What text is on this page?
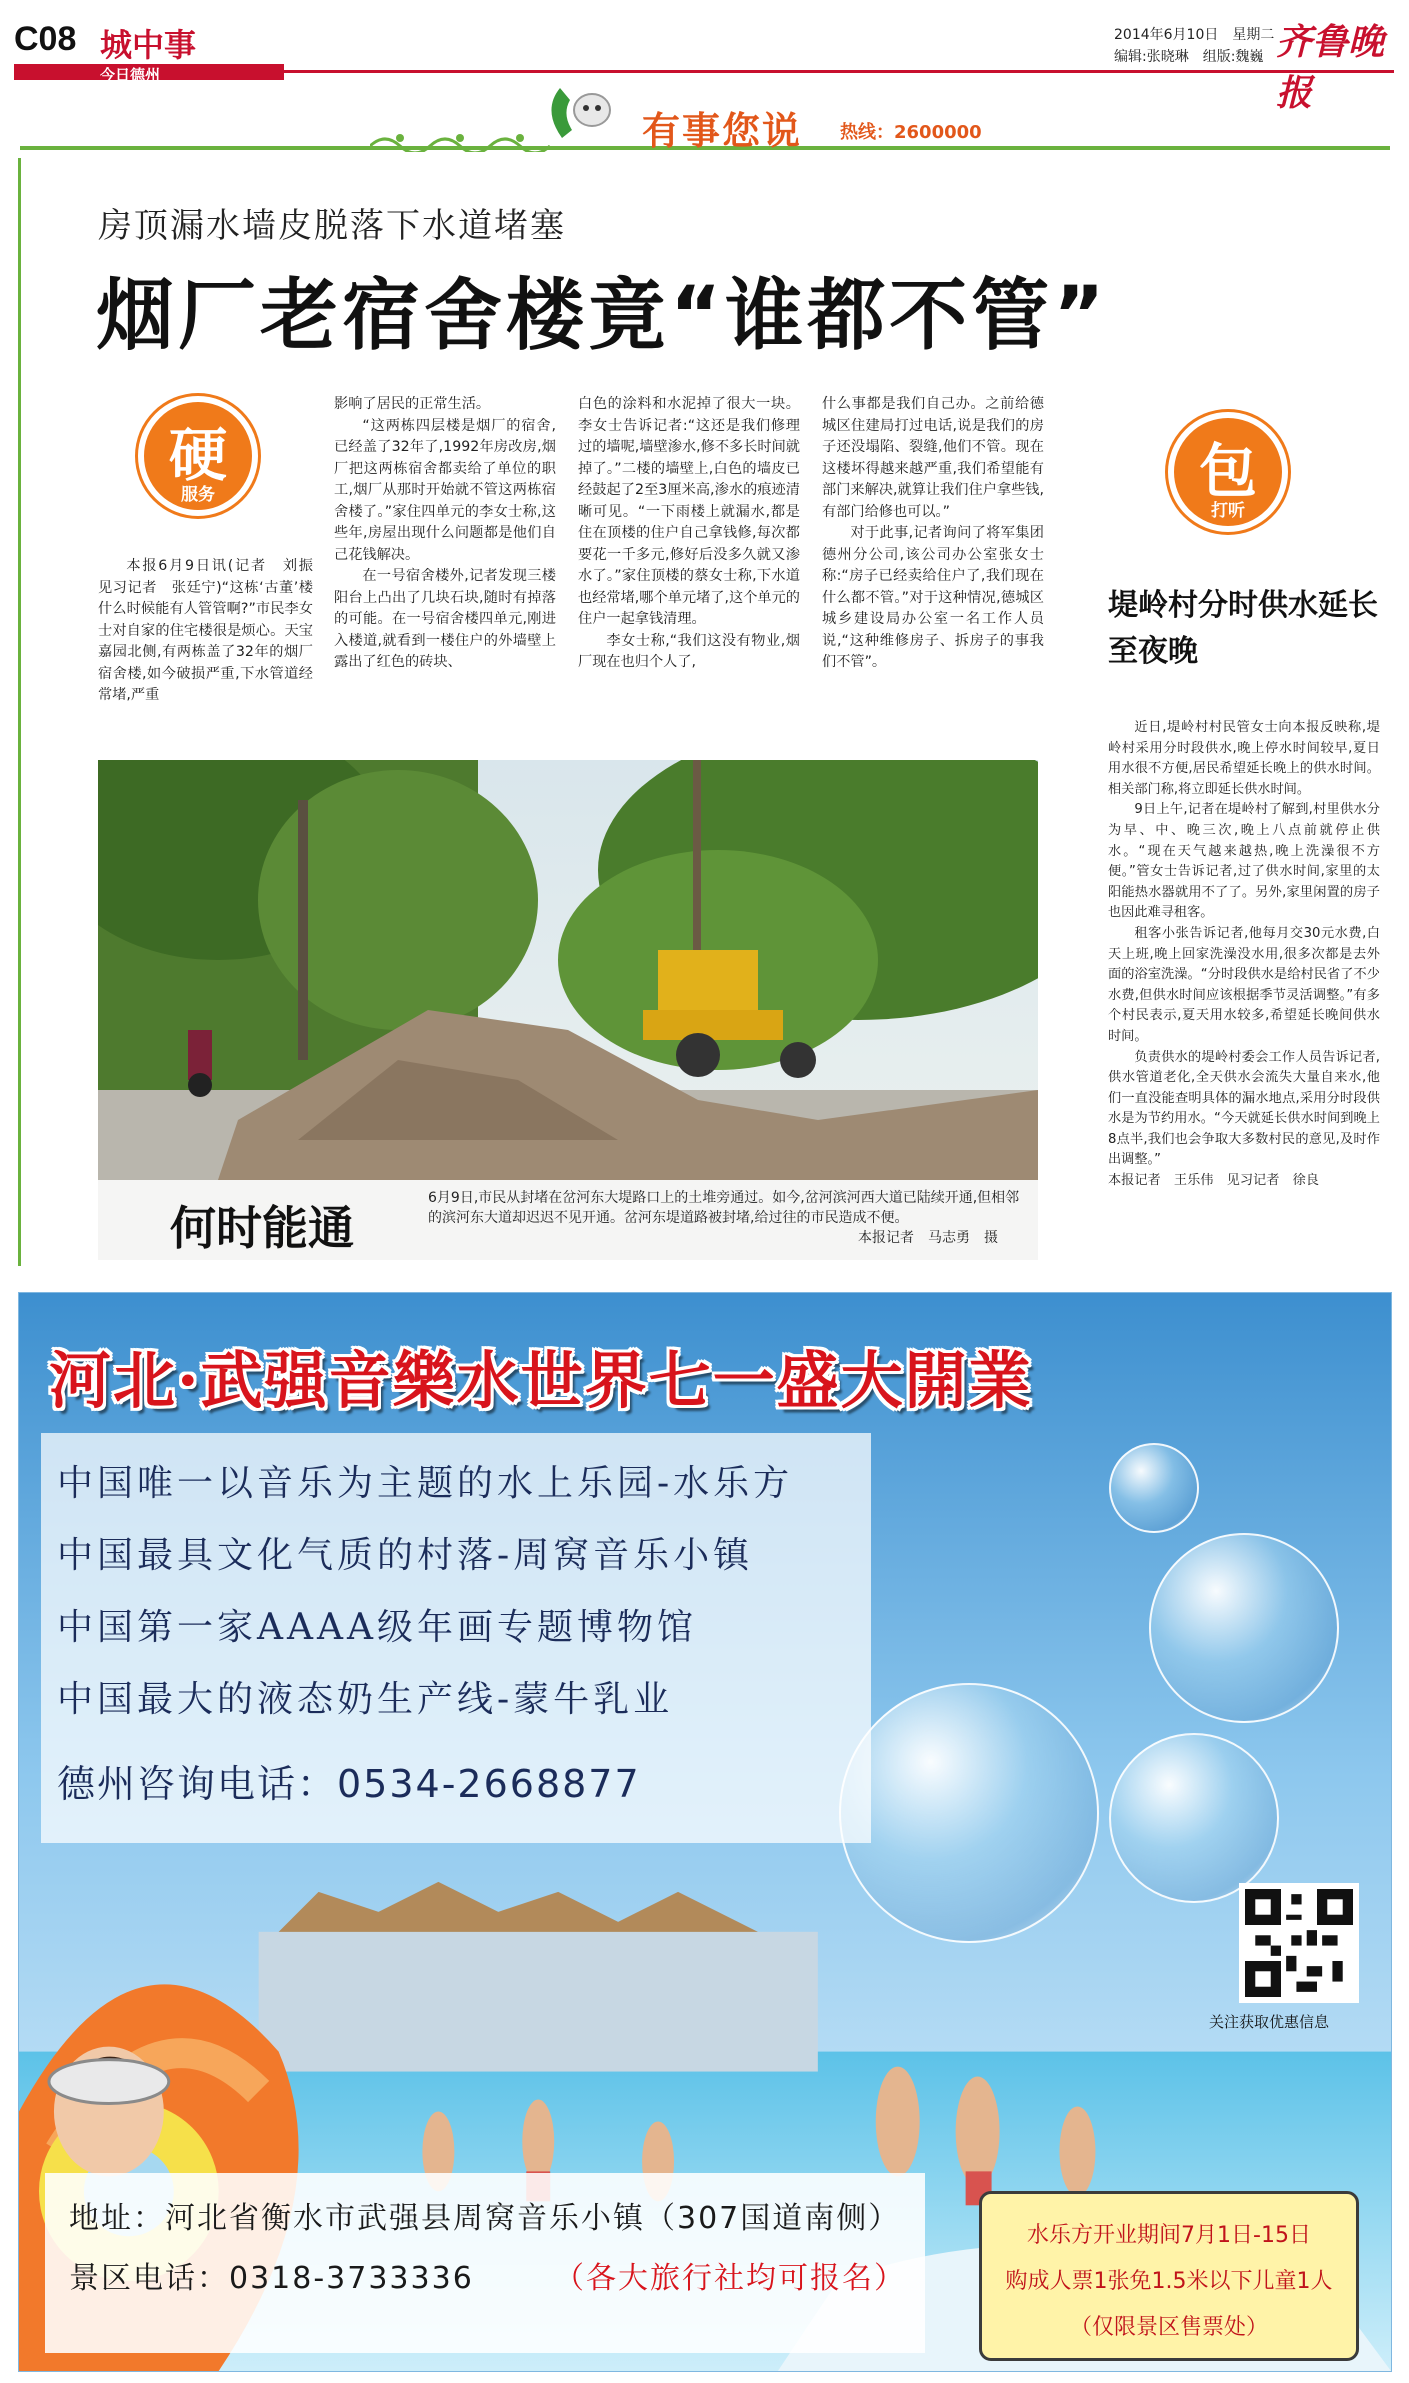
C08 城中事
今日德州
2014年6月10日　星期二
编辑:张晓琳　组版:魏巍 齐鲁晚报
有事您说 热线：2600000
房顶漏水墙皮脱落下水道堵塞
烟厂老宿舍楼竟“谁都不管”
硬
服务

本报6月9日讯(记者　刘振　见习记者　张廷宁)“这栋‘古董’楼什么时候能有人管管啊?”市民李女士对自家的住宅楼很是烦心。天宝嘉园北侧,有两栋盖了32年的烟厂宿舍楼,如今破损严重,下水管道经常堵,严重

影响了居民的正常生活。

“这两栋四层楼是烟厂的宿舍,已经盖了32年了,1992年房改房,烟厂把这两栋宿舍都卖给了单位的职工,烟厂从那时开始就不管这两栋宿舍楼了。”家住四单元的李女士称,这些年,房屋出现什么问题都是他们自己花钱解决。

在一号宿舍楼外,记者发现三楼阳台上凸出了几块石块,随时有掉落的可能。在一号宿舍楼四单元,刚进入楼道,就看到一楼住户的外墙壁上露出了红色的砖块、

白色的涂料和水泥掉了很大一块。李女士告诉记者:“这还是我们修理过的墙呢,墙壁渗水,修不多长时间就掉了。”二楼的墙壁上,白色的墙皮已经鼓起了2至3厘米高,渗水的痕迹清晰可见。“一下雨楼上就漏水,都是住在顶楼的住户自己拿钱修,每次都要花一千多元,修好后没多久就又渗水了。”家住顶楼的蔡女士称,下水道也经常堵,哪个单元堵了,这个单元的住户一起拿钱清理。

李女士称,“我们这没有物业,烟厂现在也归个人了,

什么事都是我们自己办。之前给德城区住建局打过电话,说是我们的房子还没塌陷、裂缝,他们不管。现在这楼坏得越来越严重,我们希望能有部门来解决,就算让我们住户拿些钱,有部门给修也可以。”

对于此事,记者询问了将军集团德州分公司,该公司办公室张女士称:“房子已经卖给住户了,我们现在什么都不管。”对于这种情况,德城区城乡建设局办公室一名工作人员说,“这种维修房子、拆房子的事我们不管”。

包
打听
堤岭村分时供水延长至夜晚

近日,堤岭村村民管女士向本报反映称,堤岭村采用分时段供水,晚上停水时间较早,夏日用水很不方便,居民希望延长晚上的供水时间。相关部门称,将立即延长供水时间。

9日上午,记者在堤岭村了解到,村里供水分为早、中、晚三次,晚上八点前就停止供水。“现在天气越来越热,晚上洗澡很不方便。”管女士告诉记者,过了供水时间,家里的太阳能热水器就用不了了。另外,家里闲置的房子也因此难寻租客。

租客小张告诉记者,他每月交30元水费,白天上班,晚上回家洗澡没水用,很多次都是去外面的浴室洗澡。“分时段供水是给村民省了不少水费,但供水时间应该根据季节灵活调整。”有多个村民表示,夏天用水较多,希望延长晚间供水时间。

负责供水的堤岭村委会工作人员告诉记者,供水管道老化,全天供水会流失大量自来水,他们一直没能查明具体的漏水地点,采用分时段供水是为节约用水。“今天就延长供水时间到晚上8点半,我们也会争取大多数村民的意见,及时作出调整。”

本报记者　王乐伟　见习记者　徐良

何时能通
6月9日,市民从封堵在岔河东大堤路口上的土堆旁通过。如今,岔河滨河西大道已陆续开通,但相邻的滨河东大道却迟迟不见开通。岔河东堤道路被封堵,给过往的市民造成不便。
本报记者　马志勇　摄
河北·武强音樂水世界七一盛大開業
中国唯一以音乐为主题的水上乐园-水乐方
中国最具文化气质的村落-周窝音乐小镇
中国第一家AAAA级年画专题博物馆
中国最大的液态奶生产线-蒙牛乳业
德州咨询电话：0534-2668877
关注获取优惠信息
地址：河北省衡水市武强县周窝音乐小镇（307国道南侧）
景区电话：0318-3733336	（各大旅行社均可报名）
水乐方开业期间7月1日-15日
购成人票1张免1.5米以下儿童1人
（仅限景区售票处）
